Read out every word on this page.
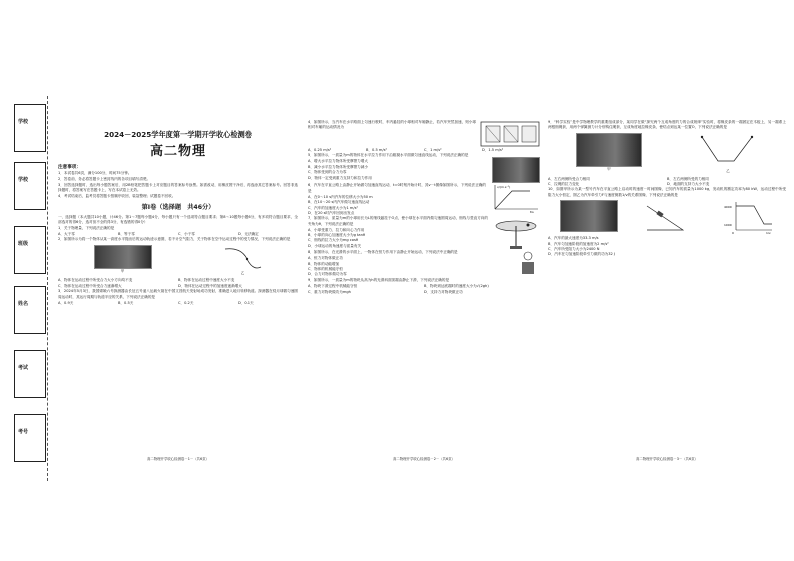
学校
学校
班级
姓名
考试
考号
2024－2025学年度第一学期开学收心检测卷
高二物理
注意事项：

1．本试卷共6页，满分100分，时间75分钟。

2．答卷前，务必将答题卡上密封线内的各项目填写清楚。

3．回答选择题时，选出每小题答案后，用2B铅笔把答题卡上对应题目的答案标号涂黑。如需改动，用橡皮擦干净后，再选涂其它答案标号。回答非选择题时，将答案写在答题卡上，写在本试卷上无效。

4．考试结束后，监考员将答题卡按顺序收回，装袋整理；试题卷不回收。

第Ⅰ卷（选择题　共46分）

一、选择题（本大题共10小题，计46分。第1～7题每小题4分，每小题只有一个选项符合题目要求；第8～10题每小题6分，有多项符合题目要求，全部选对的得6分，选对但不全的得3分，有选错的得0分）

1．关于物理量，下列说法正确的是

A．大于零	B．等于零	C．小于零	D．无法确定

2．如图所示为将一个物体从某一高度水平抛出后的运动轨迹示意图，若不计空气阻力，关于物体在空中运动过程中的受力情况，下列说法正确的是

甲
乙
A．物体在运动过程中所受合力大小方向均不变	B．物体在运动过程中速度大小不变
C．物体在运动过程中所受合力逐渐增大	D．物体在运动过程中的加速度逐渐增大

3．2024年5月3日，我国嫦娥六号探测器由长征五号遥八运载火箭在中国文昌航天发射场成功发射，准确进入地月转移轨道。探测器在绕月球做匀速圆周运动时，其运行周期与轨道半径的关系，下列说法正确的是

A．0.9天	B．0.5天	C．0.2天	D．0.1天

4．如图所示，当汽车在水平路面上匀速行驶时，车内悬挂的小球相对车厢静止，若汽车突然加速，则小球相对车厢的运动情况为

A．0.25 m/s²	B．0.5 m/s²	C．1 m/s²	D．1.5 m/s²

5．如图所示，一质量为m的物体在水平拉力作用下沿粗糙水平面做匀速直线运动，下列说法正确的是

A．增大水平拉力物体所受摩擦力增大
B．减小水平拉力物体所受摩擦力减小
C．物体受到的合力为零
D．物体一定受到重力支持力和拉力作用

6．汽车在平直公路上由静止开始做匀加速直线运动，t=0时刻开始计时，其v－t图像如图所示，下列说法正确的是

A．在0～10 s内汽车的位移大小为50 m
B．在10～20 s内汽车做匀速直线运动
C．汽车的加速度大小为1 m/s²
D．在20 s时汽车回到出发点
v/(m·s⁻¹)
t/s

7．如图所示，质量为m的小球用长为L的细线悬挂于O点，使小球在水平面内做匀速圆周运动，细线与竖直方向的夹角为θ，下列说法正确的是

A．小球受重力、拉力和向心力作用
B．小球的向心加速度大小为g tanθ
C．细线的拉力大小为mg cosθ
D．小球运动的角速度与质量有关

8．如图所示，在光滑的水平面上，一物体在恒力作用下由静止开始运动，下列说法中正确的是

A．恒力对物体做正功
B．物体的动能增加
C．物体的机械能守恒
D．合力对物体做功为零

9．如图所示，一质量为m的物块从高为h的光滑斜面顶端由静止下滑，下列说法正确的是

A．物块下滑过程中机械能守恒	B．物块到达底端时的速度大小为√(2gh)
C．重力对物块做功为mgh	D．支持力对物块做正功

9．“科学实验”是中学物理教学的重要组成部分，某同学在做“探究两个互成角度的力的合成规律”实验时，将橡皮条的一端固定在木板上，另一端系上两根细绳套，用两个弹簧测力计分别钩住绳套，互成角度地拉橡皮条，使结点到达某一位置O，下列说法正确的是

甲
乙
A．左右两侧所受合力相同	B．左右两侧所受的力相同
C．拉绳的拉力变化	D．地面的支持力大小不变

10．如图甲所示为某一型号汽车在平直公路上启动时的速度－时间图像，已知汽车的质量为1000 kg，发动机的额定功率为80 kW，运动过程中所受阻力大小恒定，图乙为汽车牵引力F与速度倒数1/v的关系图像，下列说法正确的是

4000
1000
0	1/v
A．汽车的最大速度为33.3 m/s
B．汽车匀加速阶段的加速度为2 m/s²
C．汽车所受阻力大小为2400 N
D．汽车在匀加速阶段牵引力做的功为32 J
高二物理开学收心检测卷－1－（共6页）	高二物理开学收心检测卷－2－（共6页）	高二物理开学收心检测卷－3－（共6页）
